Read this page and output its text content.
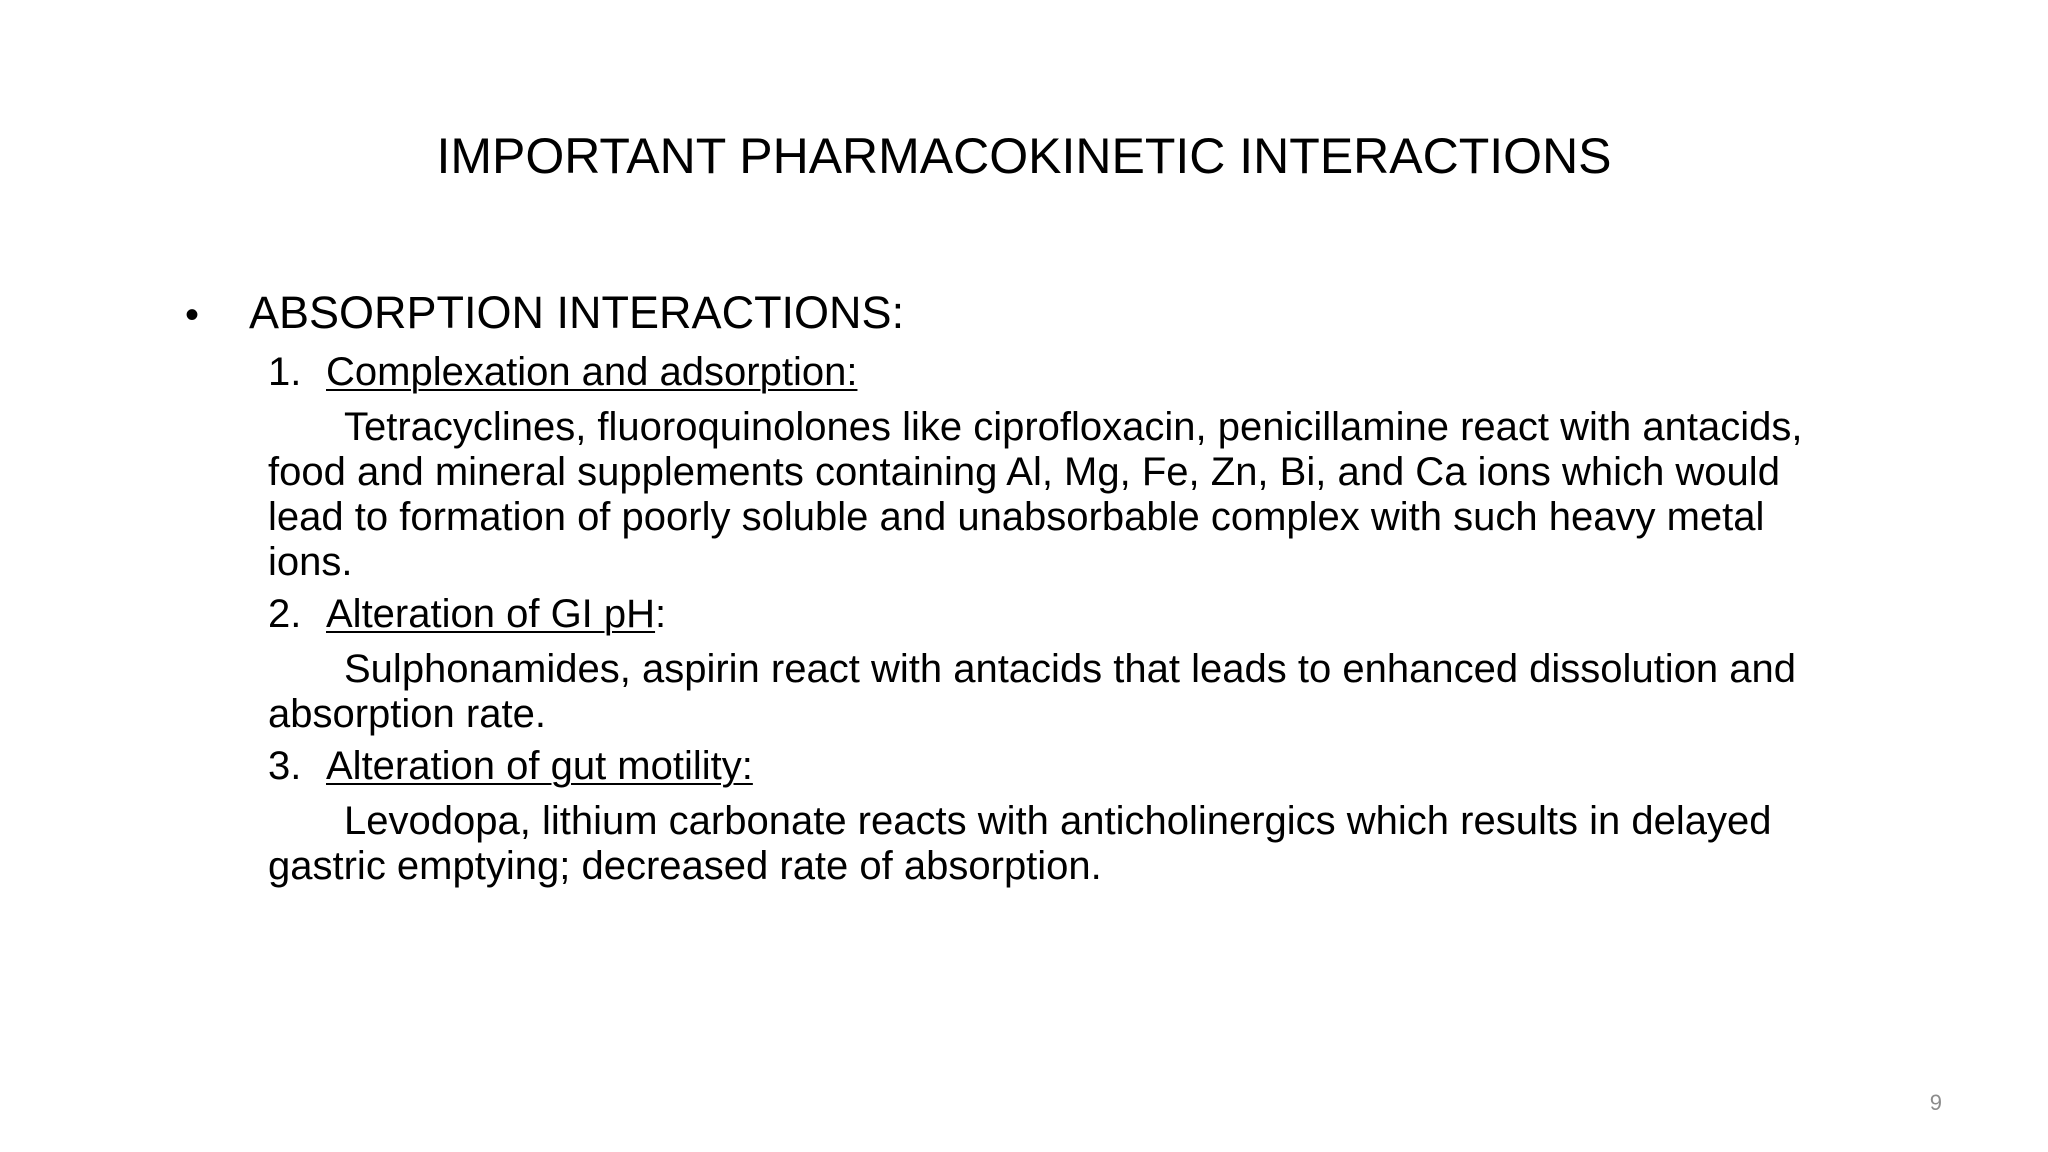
IMPORTANT PHARMACOKINETIC INTERACTIONS
•	ABSORPTION INTERACTIONS:
1. Complexation and adsorption:

Tetracyclines, fluoroquinolones like ciprofloxacin, penicillamine react with antacids, food and mineral supplements containing Al, Mg, Fe, Zn, Bi, and Ca ions which would lead to formation of poorly soluble and unabsorbable complex with such heavy metal ions.

2. Alteration of GI pH :

Sulphonamides, aspirin react with antacids that leads to enhanced dissolution and absorption rate.

3. Alteration of gut motility:

Levodopa, lithium carbonate reacts with anticholinergics which results in delayed gastric emptying; decreased rate of absorption.

9
